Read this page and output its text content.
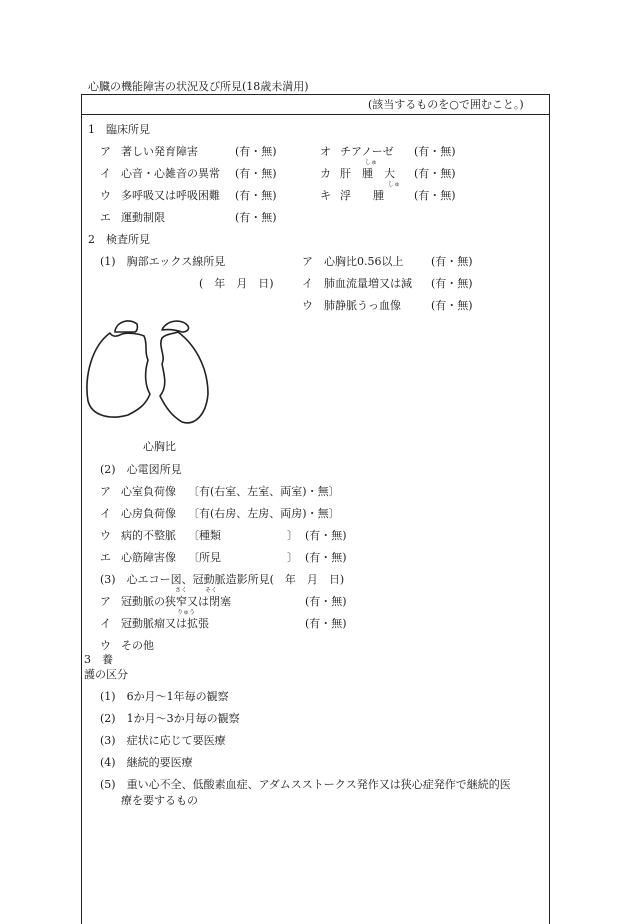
心臓の機能障害の状況及び所見(18歳未満用)
(該当するものを○で囲むこと。)
1　臨床所見
ア 著しい発育障害	(有・無)
イ 心音・心雑音の異常 (有・無)
ウ 多呼吸又は呼吸困難 (有・無)
エ 運動制限	(有・無)
オ チアノーゼ (有・無)
しゅ
カ 肝　腫　大 (有・無)
しゅ
キ 浮　　腫	(有・無)
2　検査所見
(1)　胸部エックス線所見
(　年　月　日)
ア 心胸比0.56以上	(有・無)
イ 肺血流量増又は減 (有・無)
ウ 肺静脈うっ血像	(有・無)
心胸比
(2)　心電図所見
ア 心室負荷像 〔有(右室、左室、両室)・無〕
イ 心房負荷像 〔有(右房、左房、両房)・無〕
ウ 病的不整脈 〔種類　　　　　　〕 (有・無)
エ 心筋障害像 〔所見　　　　　　〕 (有・無)
(3)　心エコー図、冠動脈造影所見(　年　月　日)
さく　　　そく
ア 冠動脈の狭窄又は閉塞	(有・無)
りゅう
イ 冠動脈瘤又は拡張	(有・無)
ウ その他
3　養
護の区分
(1)　6か月～1年毎の観察
(2)　1か月～3か月毎の観察
(3)　症状に応じて要医療
(4)　継続的要医療
(5)　重い心不全、低酸素血症、アダムスストークス発作又は狭心症発作で継続的医
療を要するもの
